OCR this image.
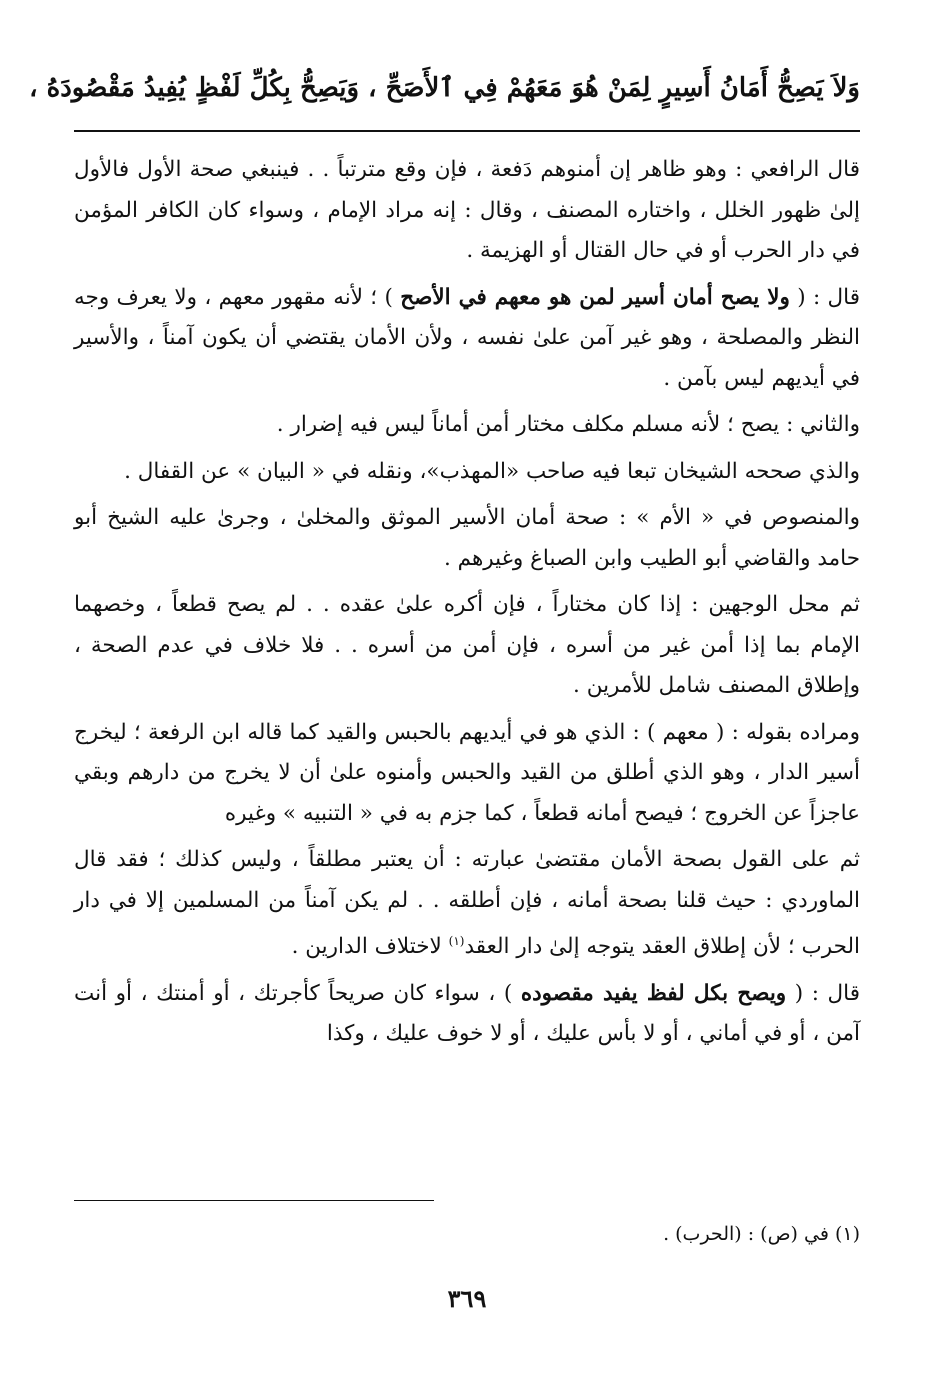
وَلاَ يَصِحُّ أَمَانُ أَسِيرٍ لِمَنْ هُوَ مَعَهُمْ فِي ٱلأَصَحِّ ، وَيَصِحُّ بِكُلِّ لَفْظٍ يُفِيدُ مَقْصُودَهُ ،

قال الرافعي : وهو ظاهر إن أمنوهم دَفعة ، فإن وقع مترتباً . . فينبغي صحة الأول فالأول إلىٰ ظهور الخلل ، واختاره المصنف ، وقال : إنه مراد الإمام ، وسواء كان الكافر المؤمن في دار الحرب أو في حال القتال أو الهزيمة .

قال : ( ولا يصح أمان أسير لمن هو معهم في الأصح ) ؛ لأنه مقهور معهم ، ولا يعرف وجه النظر والمصلحة ، وهو غير آمن علىٰ نفسه ، ولأن الأمان يقتضي أن يكون آمناً ، والأسير في أيديهم ليس بآمن .

والثاني : يصح ؛ لأنه مسلم مكلف مختار أمن أماناً ليس فيه إضرار .

والذي صححه الشيخان تبعا فيه صاحب «المهذب»، ونقله في « البيان » عن القفال .

والمنصوص في « الأم » : صحة أمان الأسير الموثق والمخلىٰ ، وجرىٰ عليه الشيخ أبو حامد والقاضي أبو الطيب وابن الصباغ وغيرهم .

ثم محل الوجهين : إذا كان مختاراً ، فإن أكره علىٰ عقده . . لم يصح قطعاً ، وخصهما الإمام بما إذا أمن غير من أسره ، فإن أمن من أسره . . فلا خلاف في عدم الصحة ، وإطلاق المصنف شامل للأمرين .

ومراده بقوله : ( معهم ) : الذي هو في أيديهم بالحبس والقيد كما قاله ابن الرفعة ؛ ليخرج أسير الدار ، وهو الذي أطلق من القيد والحبس وأمنوه علىٰ أن لا يخرج من دارهم وبقي عاجزاً عن الخروج ؛ فيصح أمانه قطعاً ، كما جزم به في « التنبيه » وغيره

ثم على القول بصحة الأمان مقتضىٰ عبارته : أن يعتبر مطلقاً ، وليس كذلك ؛ فقد قال الماوردي : حيث قلنا بصحة أمانه ، فإن أطلقه . . لم يكن آمناً من المسلمين إلا في دار الحرب ؛ لأن إطلاق العقد يتوجه إلىٰ دار العقد$^{(١)}$ لاختلاف الدارين .

قال : ( ويصح بكل لفظ يفيد مقصوده ) ، سواء كان صريحاً كأجرتك ، أو أمنتك ، أو أنت آمن ، أو في أماني ، أو لا بأس عليك ، أو لا خوف عليك ، وكذا

(١) في (ص) : (الحرب) .
٣٦٩
